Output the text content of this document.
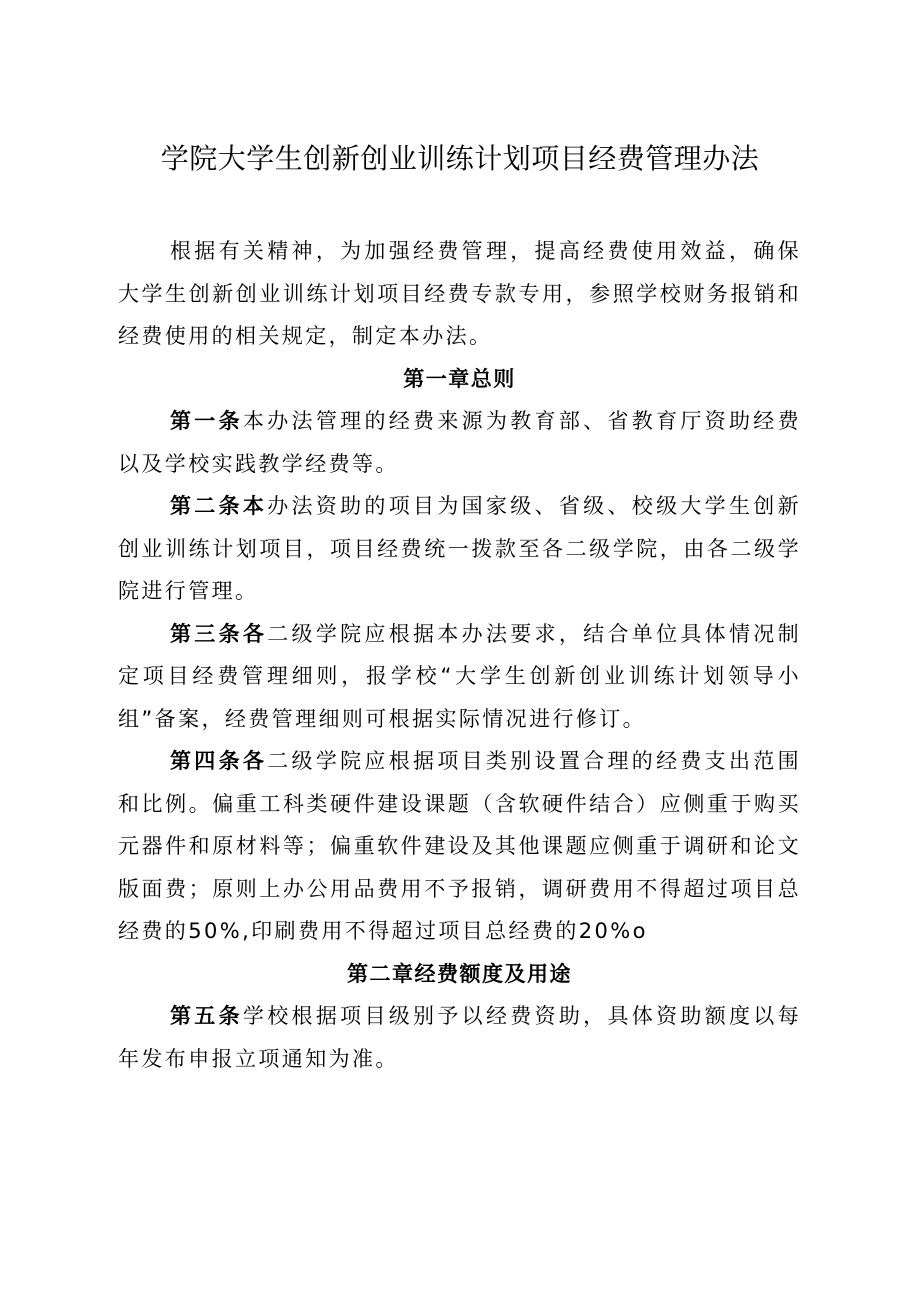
学院大学生创新创业训练计划项目经费管理办法

根据有关精神，为加强经费管理，提高经费使用效益，确保大学生创新创业训练计划项目经费专款专用，参照学校财务报销和经费使用的相关规定，制定本办法。

第一章总则

第一条本办法管理的经费来源为教育部、省教育厅资助经费以及学校实践教学经费等。

第二条本办法资助的项目为国家级、省级、校级大学生创新创业训练计划项目，项目经费统一拨款至各二级学院，由各二级学院进行管理。

第三条各二级学院应根据本办法要求，结合单位具体情况制定项目经费管理细则，报学校“大学生创新创业训练计划领导小组”备案，经费管理细则可根据实际情况进行修订。

第四条各二级学院应根据项目类别设置合理的经费支出范围和比例。偏重工科类硬件建设课题（含软硬件结合）应侧重于购买元器件和原材料等；偏重软件建设及其他课题应侧重于调研和论文版面费；原则上办公用品费用不予报销，调研费用不得超过项目总经费的50%,印刷费用不得超过项目总经费的20%o

第二章经费额度及用途

第五条学校根据项目级别予以经费资助，具体资助额度以每年发布申报立项通知为准。
